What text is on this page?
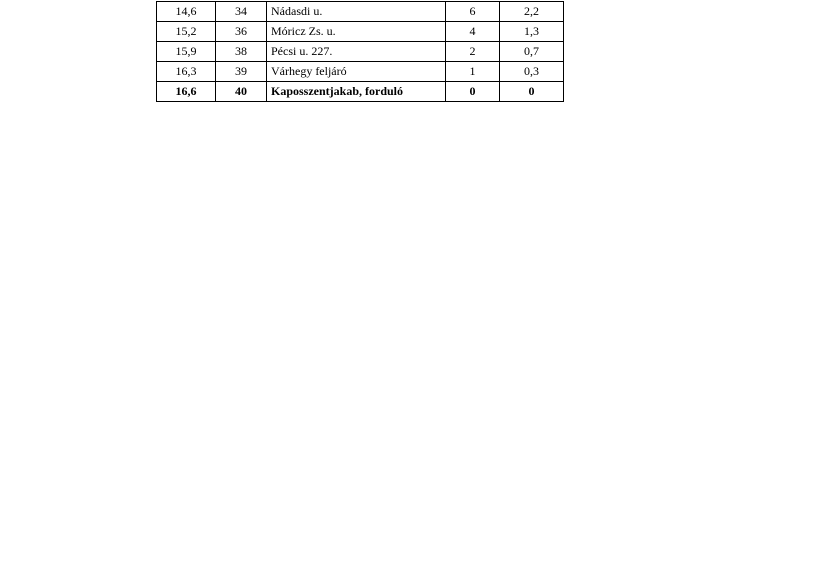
14,6	34	Nádasdi u.	6	2,2
15,2	36	Móricz Zs. u.	4	1,3
15,9	38	Pécsi u. 227.	2	0,7
16,3	39	Várhegy feljáró	1	0,3
16,6	40	Kaposszentjakab, forduló	0	0
